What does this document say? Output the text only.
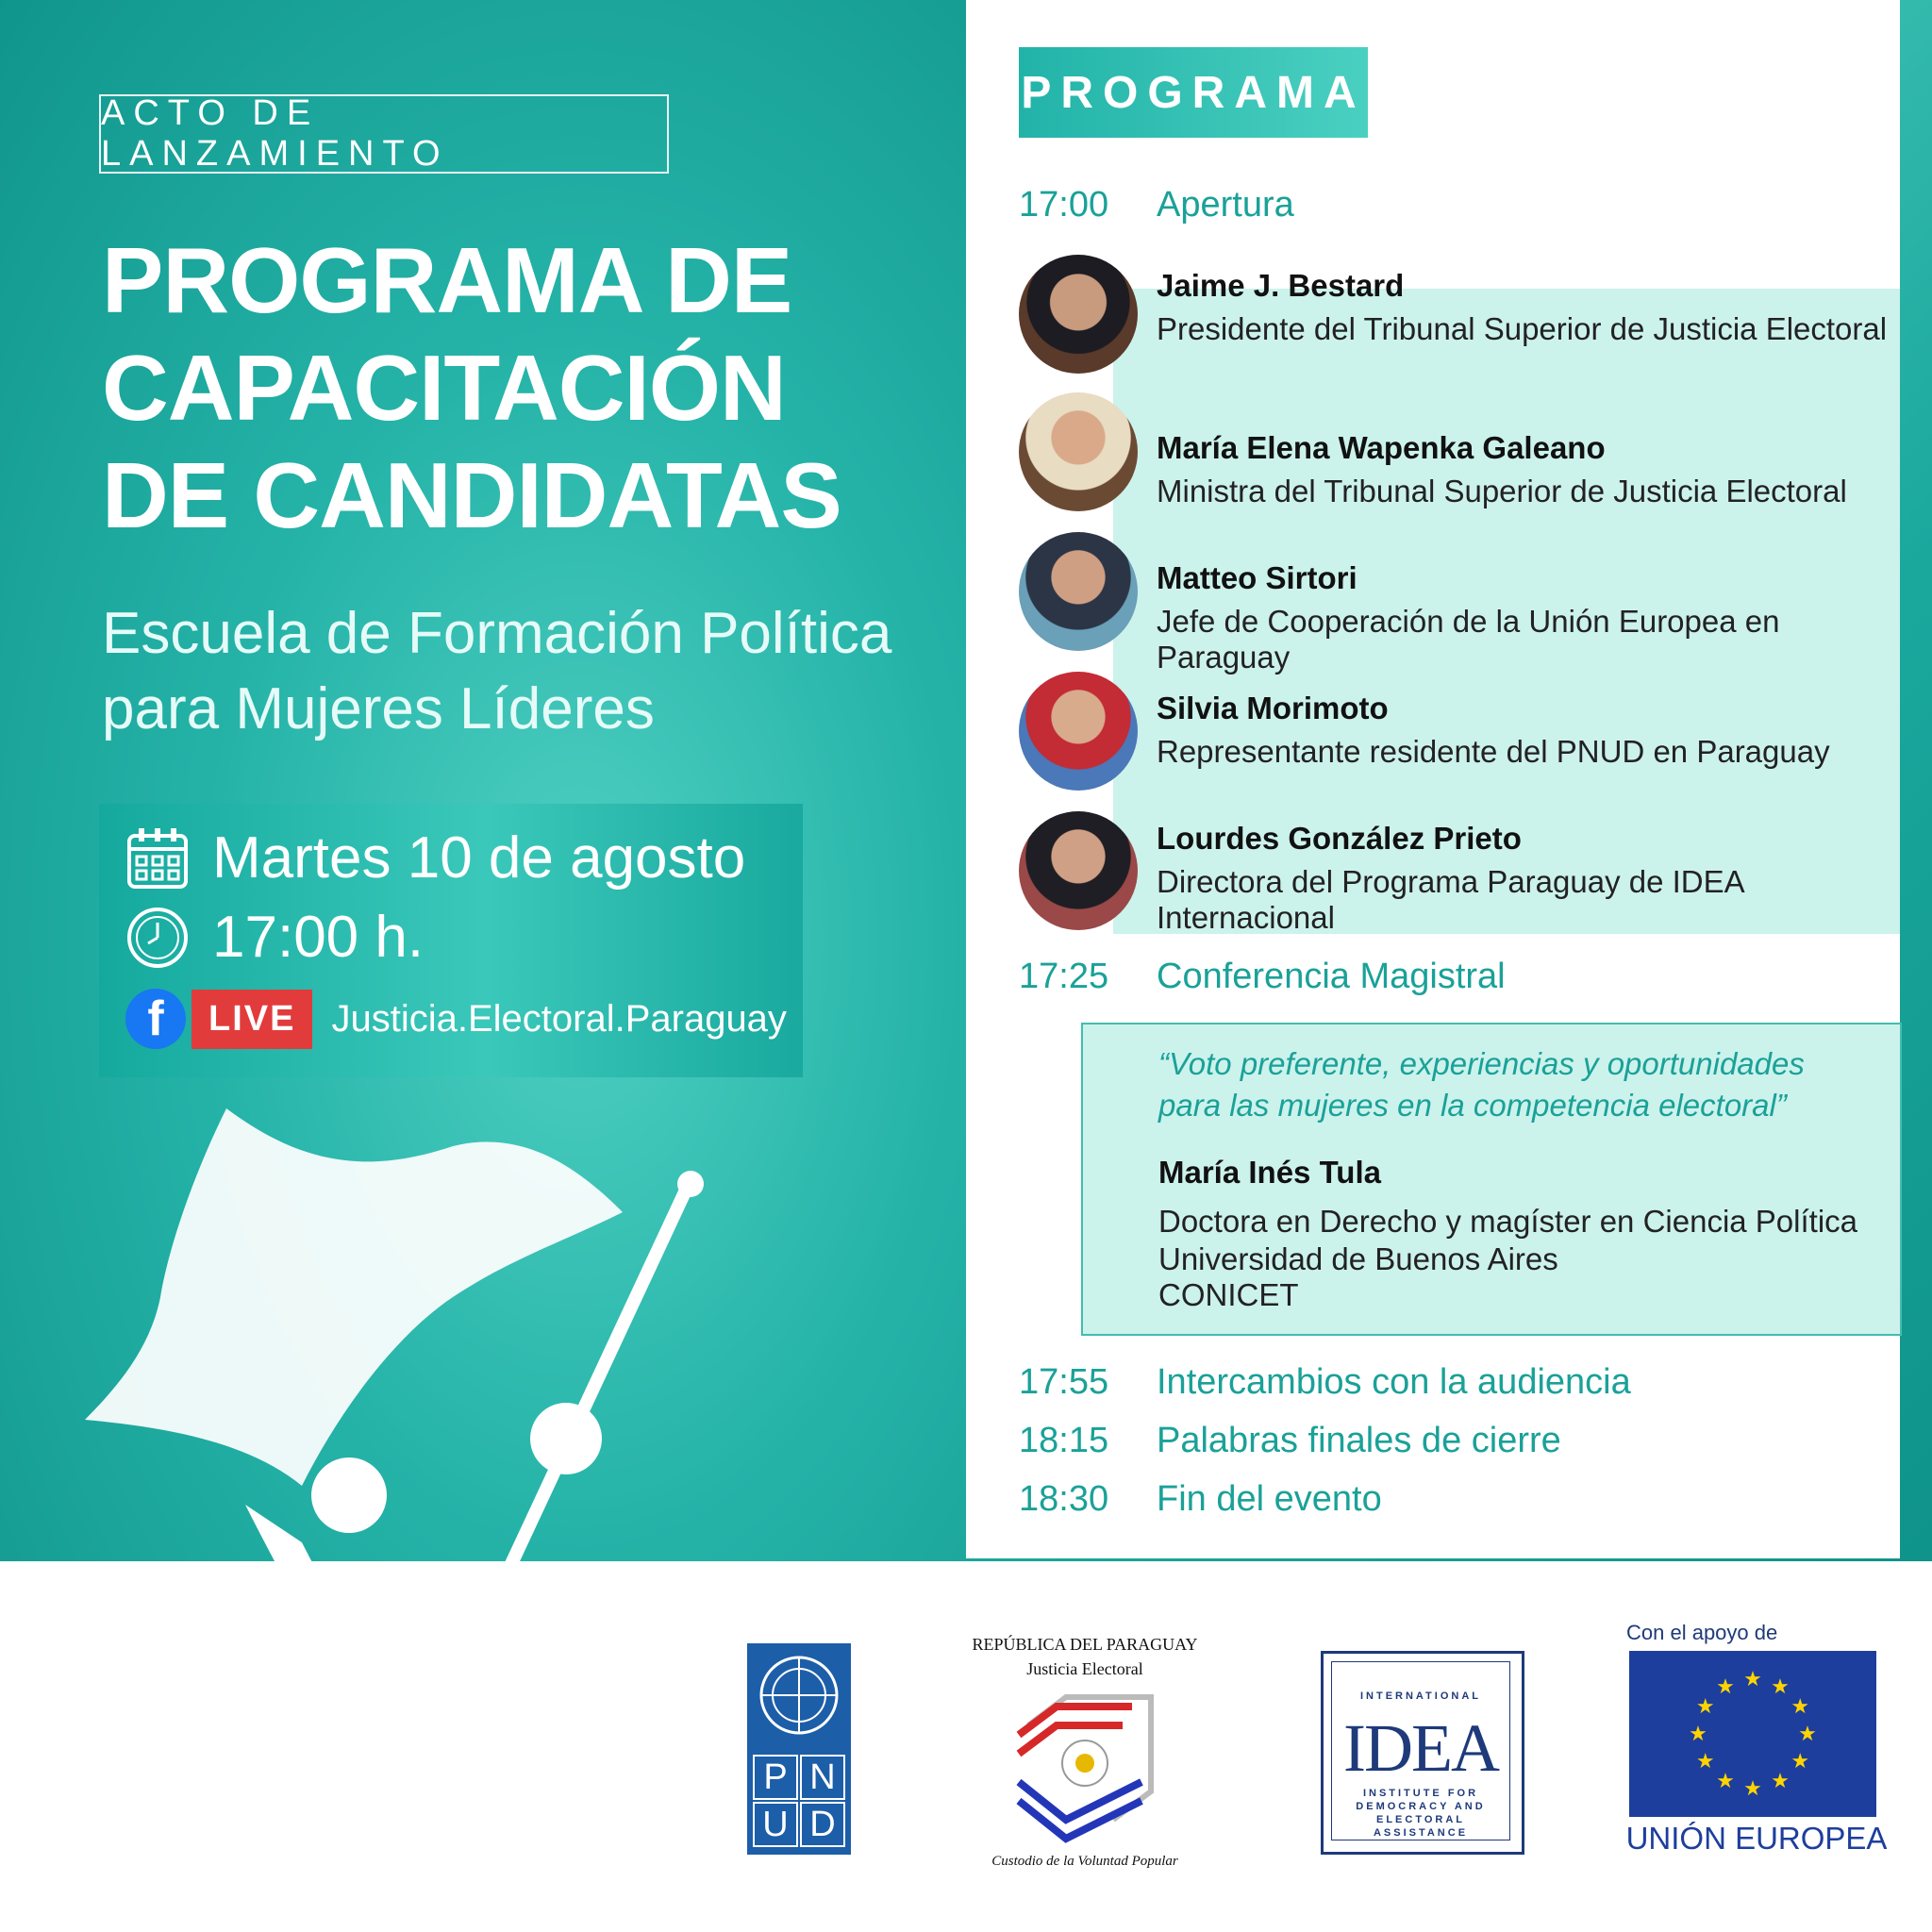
ACTO DE LANZAMIENTO
PROGRAMA DE CAPACITACIÓN DE CANDIDATAS
Escuela de Formación Política para Mujeres Líderes
Martes 10 de agosto
17:00 h.
f	LIVE Justicia.Electoral.Paraguay
PROGRAMA
17:00	Apertura
Jaime J. Bestard
Presidente del Tribunal Superior de Justicia Electoral
María Elena Wapenka Galeano
Ministra del Tribunal Superior de Justicia Electoral
Matteo Sirtori
Jefe de Cooperación de la Unión Europea en Paraguay
Silvia Morimoto
Representante residente del PNUD en Paraguay
Lourdes González Prieto
Directora del Programa Paraguay de IDEA Internacional
17:25	Conferencia Magistral
“Voto preferente, experiencias y oportunidades
para las mujeres en la competencia electoral”
María Inés Tula
Doctora en Derecho y magíster en Ciencia Política
Universidad de Buenos Aires
CONICET
17:55	Intercambios con la audiencia
18:15	Palabras finales de cierre
18:30	Fin del evento
P N
U D
REPÚBLICA DEL PARAGUAY
Justicia Electoral
Custodio de la Voluntad Popular
INTERNATIONAL
IDEA
INSTITUTE FOR
DEMOCRACY AND
ELECTORAL
ASSISTANCE
Con el apoyo de
★ ★
★
★
★
★
★
★
★
★
★
★
UNIÓN EUROPEA
